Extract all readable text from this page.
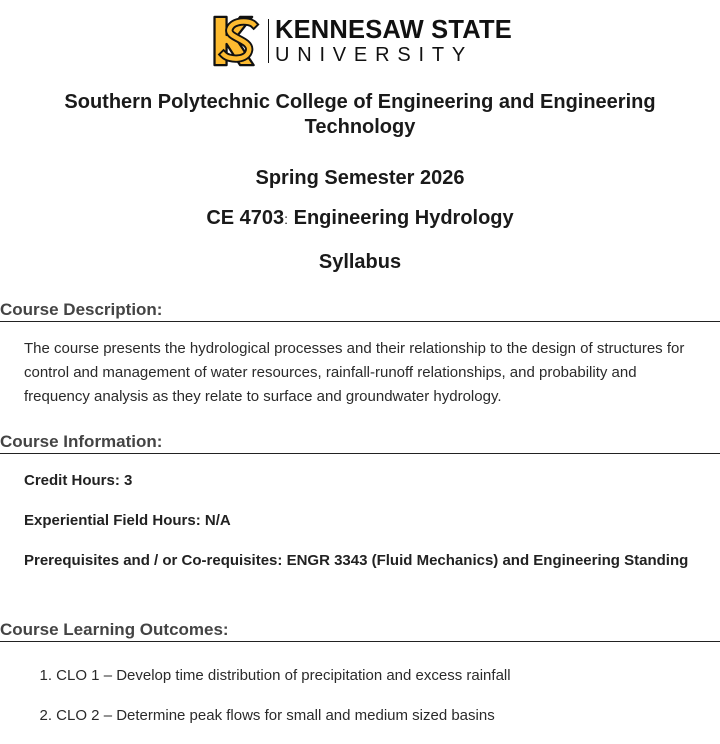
KENNESAW STATE
UNIVERSITY
Southern Polytechnic College of Engineering and Engineering Technology
Spring Semester 2026
CE 4703: Engineering Hydrology
Syllabus
Course Description:
The course presents the hydrological processes and their relationship to the design of structures for control and management of water resources, rainfall-runoff relationships, and probability and frequency analysis as they relate to surface and groundwater hydrology.
Course Information:
Credit Hours: 3
Experiential Field Hours: N/A
Prerequisites and / or Co-requisites: ENGR 3343 (Fluid Mechanics) and Engineering Standing
Course Learning Outcomes:
1.
CLO 1 – Develop time distribution of precipitation and excess rainfall
2.
CLO 2 – Determine peak flows for small and medium sized basins
